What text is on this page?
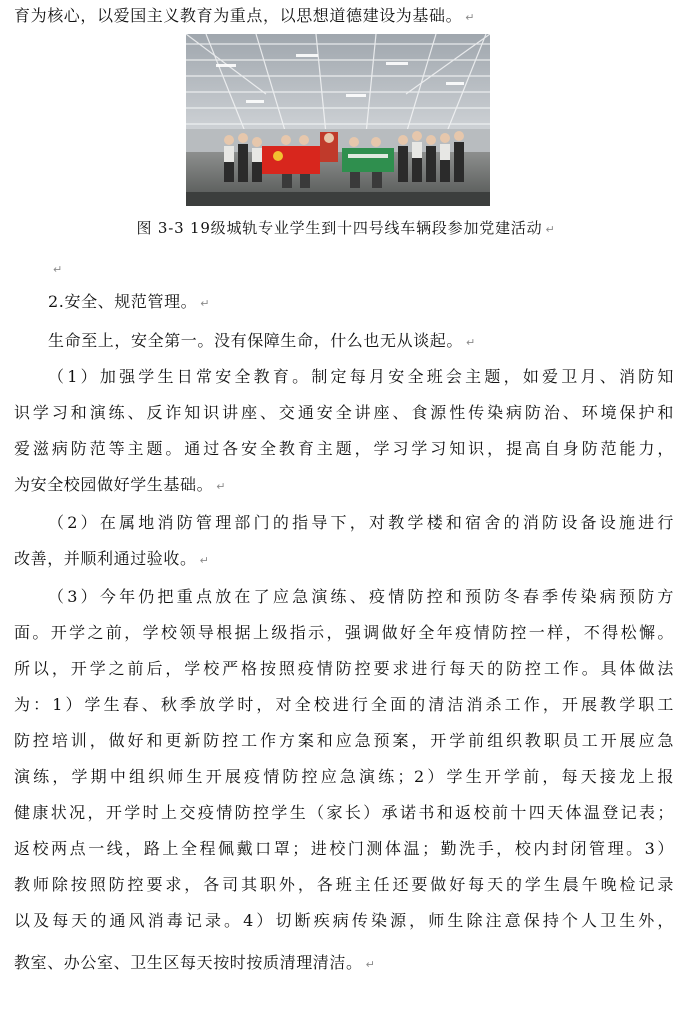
育为核心，以爱国主义教育为重点，以思想道德建设为基础。 ↵
图 3-3 19级城轨专业学生到十四号线车辆段参加党建活动 ↵
↵
2.安全、规范管理。 ↵
生命至上，安全第一。没有保障生命，什么也无从谈起。 ↵
（1）加强学生日常安全教育。制定每月安全班会主题，如爱卫月、消防知
识学习和演练、反诈知识讲座、交通安全讲座、食源性传染病防治、环境保护和
爱滋病防范等主题。通过各安全教育主题，学习学习知识，提高自身防范能力，
为安全校园做好学生基础。 ↵
（2）在属地消防管理部门的指导下，对教学楼和宿舍的消防设备设施进行
改善，并顺利通过验收。 ↵
（3）今年仍把重点放在了应急演练、疫情防控和预防冬春季传染病预防方
面。开学之前，学校领导根据上级指示，强调做好全年疫情防控一样，不得松懈。
所以，开学之前后，学校严格按照疫情防控要求进行每天的防控工作。具体做法
为：1）学生春、秋季放学时，对全校进行全面的清洁消杀工作，开展教学职工
防控培训，做好和更新防控工作方案和应急预案，开学前组织教职员工开展应急
演练，学期中组织师生开展疫情防控应急演练；2）学生开学前，每天接龙上报
健康状况，开学时上交疫情防控学生（家长）承诺书和返校前十四天体温登记表；
返校两点一线，路上全程佩戴口罩；进校门测体温；勤洗手，校内封闭管理。3）
教师除按照防控要求，各司其职外，各班主任还要做好每天的学生晨午晚检记录
以及每天的通风消毒记录。4）切断疾病传染源，师生除注意保持个人卫生外，
教室、办公室、卫生区每天按时按质清理清洁。 ↵
